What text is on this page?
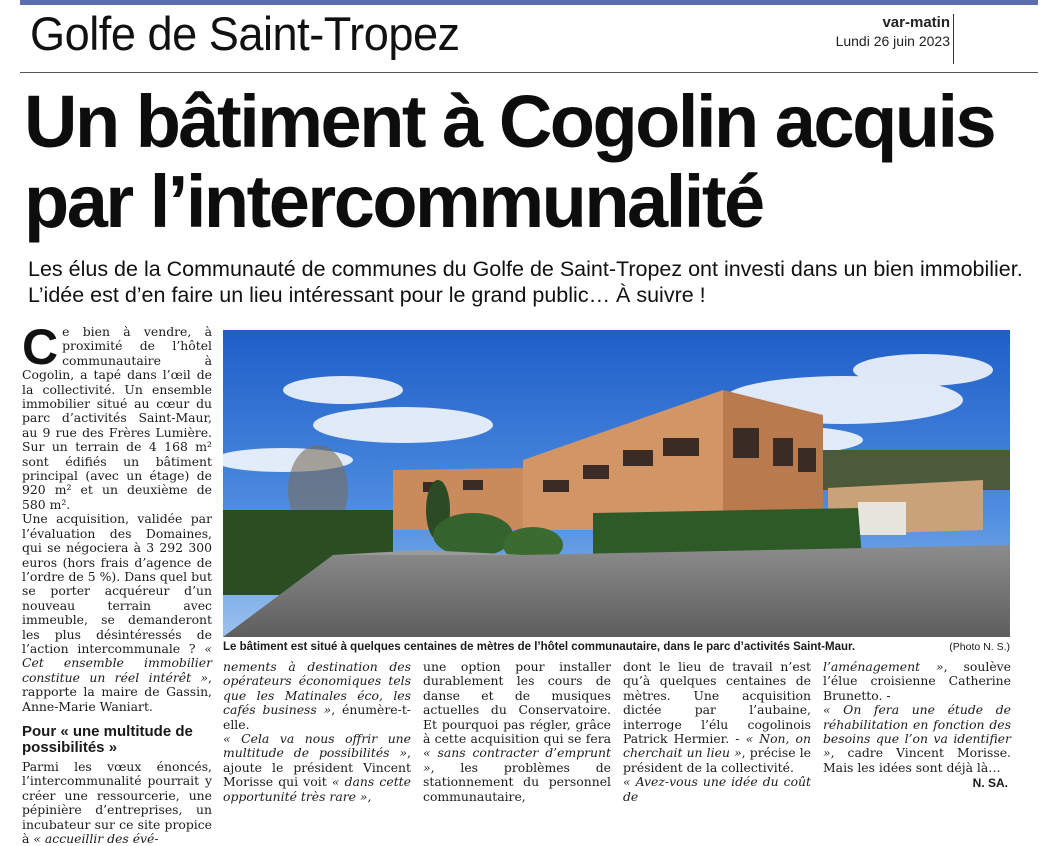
Golfe de Saint-Tropez	var-matin
Lundi 26 juin 2023
Un bâtiment à Cogolin acquis
par l’intercommunalité
Les élus de la Communauté de communes du Golfe de Saint-Tropez ont investi dans un bien immobilier. L’idée est d’en faire un lieu intéressant pour le grand public… À suivre !
C e bien à vendre, à proximité de l’hôtel communautaire à Cogolin, a tapé dans l’œil de la collectivité. Un ensemble immobilier situé au cœur du parc d’activités Saint-Maur, au 9 rue des Frères Lumière. Sur un terrain de 4 168 m² sont édifiés un bâtiment principal (avec un étage) de 920 m² et un deuxième de 580 m².

Une acquisition, validée par l’évaluation des Domaines, qui se négociera à 3 292 300 euros (hors frais d’agence de l’ordre de 5 %). Dans quel but se porter acquéreur d’un nouveau terrain avec immeuble, se demanderont les plus désintéressés de l’action intercommunale ? « Cet ensemble immobilier constitue un réel intérêt », rapporte la maire de Gassin, Anne-Marie Waniart.

Pour « une multitude de possibilités »

Parmi les vœux énoncés, l’intercommunalité pourrait y créer une ressourcerie, une pépinière d’entreprises, un incubateur sur ce site propice à « accueillir des évé-

Le bâtiment est situé à quelques centaines de mètres de l’hôtel communautaire, dans le parc d’activités Saint-Maur.	(Photo N. S.)

nements à destination des opérateurs économiques tels que les Matinales éco, les cafés business », énumère-t-elle.

« Cela va nous offrir une multitude de possibilités », ajoute le président Vincent Morisse qui voit « dans cette opportunité très rare »,

une option pour installer durablement les cours de danse et de musiques actuelles du Conservatoire. Et pourquoi pas régler, grâce à cette acquisition qui se fera « sans contracter d’emprunt », les problèmes de stationnement du personnel communautaire,

dont le lieu de travail n’est qu’à quelques centaines de mètres. Une acquisition dictée par l’aubaine, interroge l’élu cogolinois Patrick Hermier. - « Non, on cherchait un lieu », précise le président de la collectivité.

« Avez-vous une idée du coût de

l’aménagement », soulève l’élue croisienne Catherine Brunetto. -

« On fera une étude de réhabilitation en fonction des besoins que l’on va identifier », cadre Vincent Morisse. Mais les idées sont déjà là…

N. SA.
